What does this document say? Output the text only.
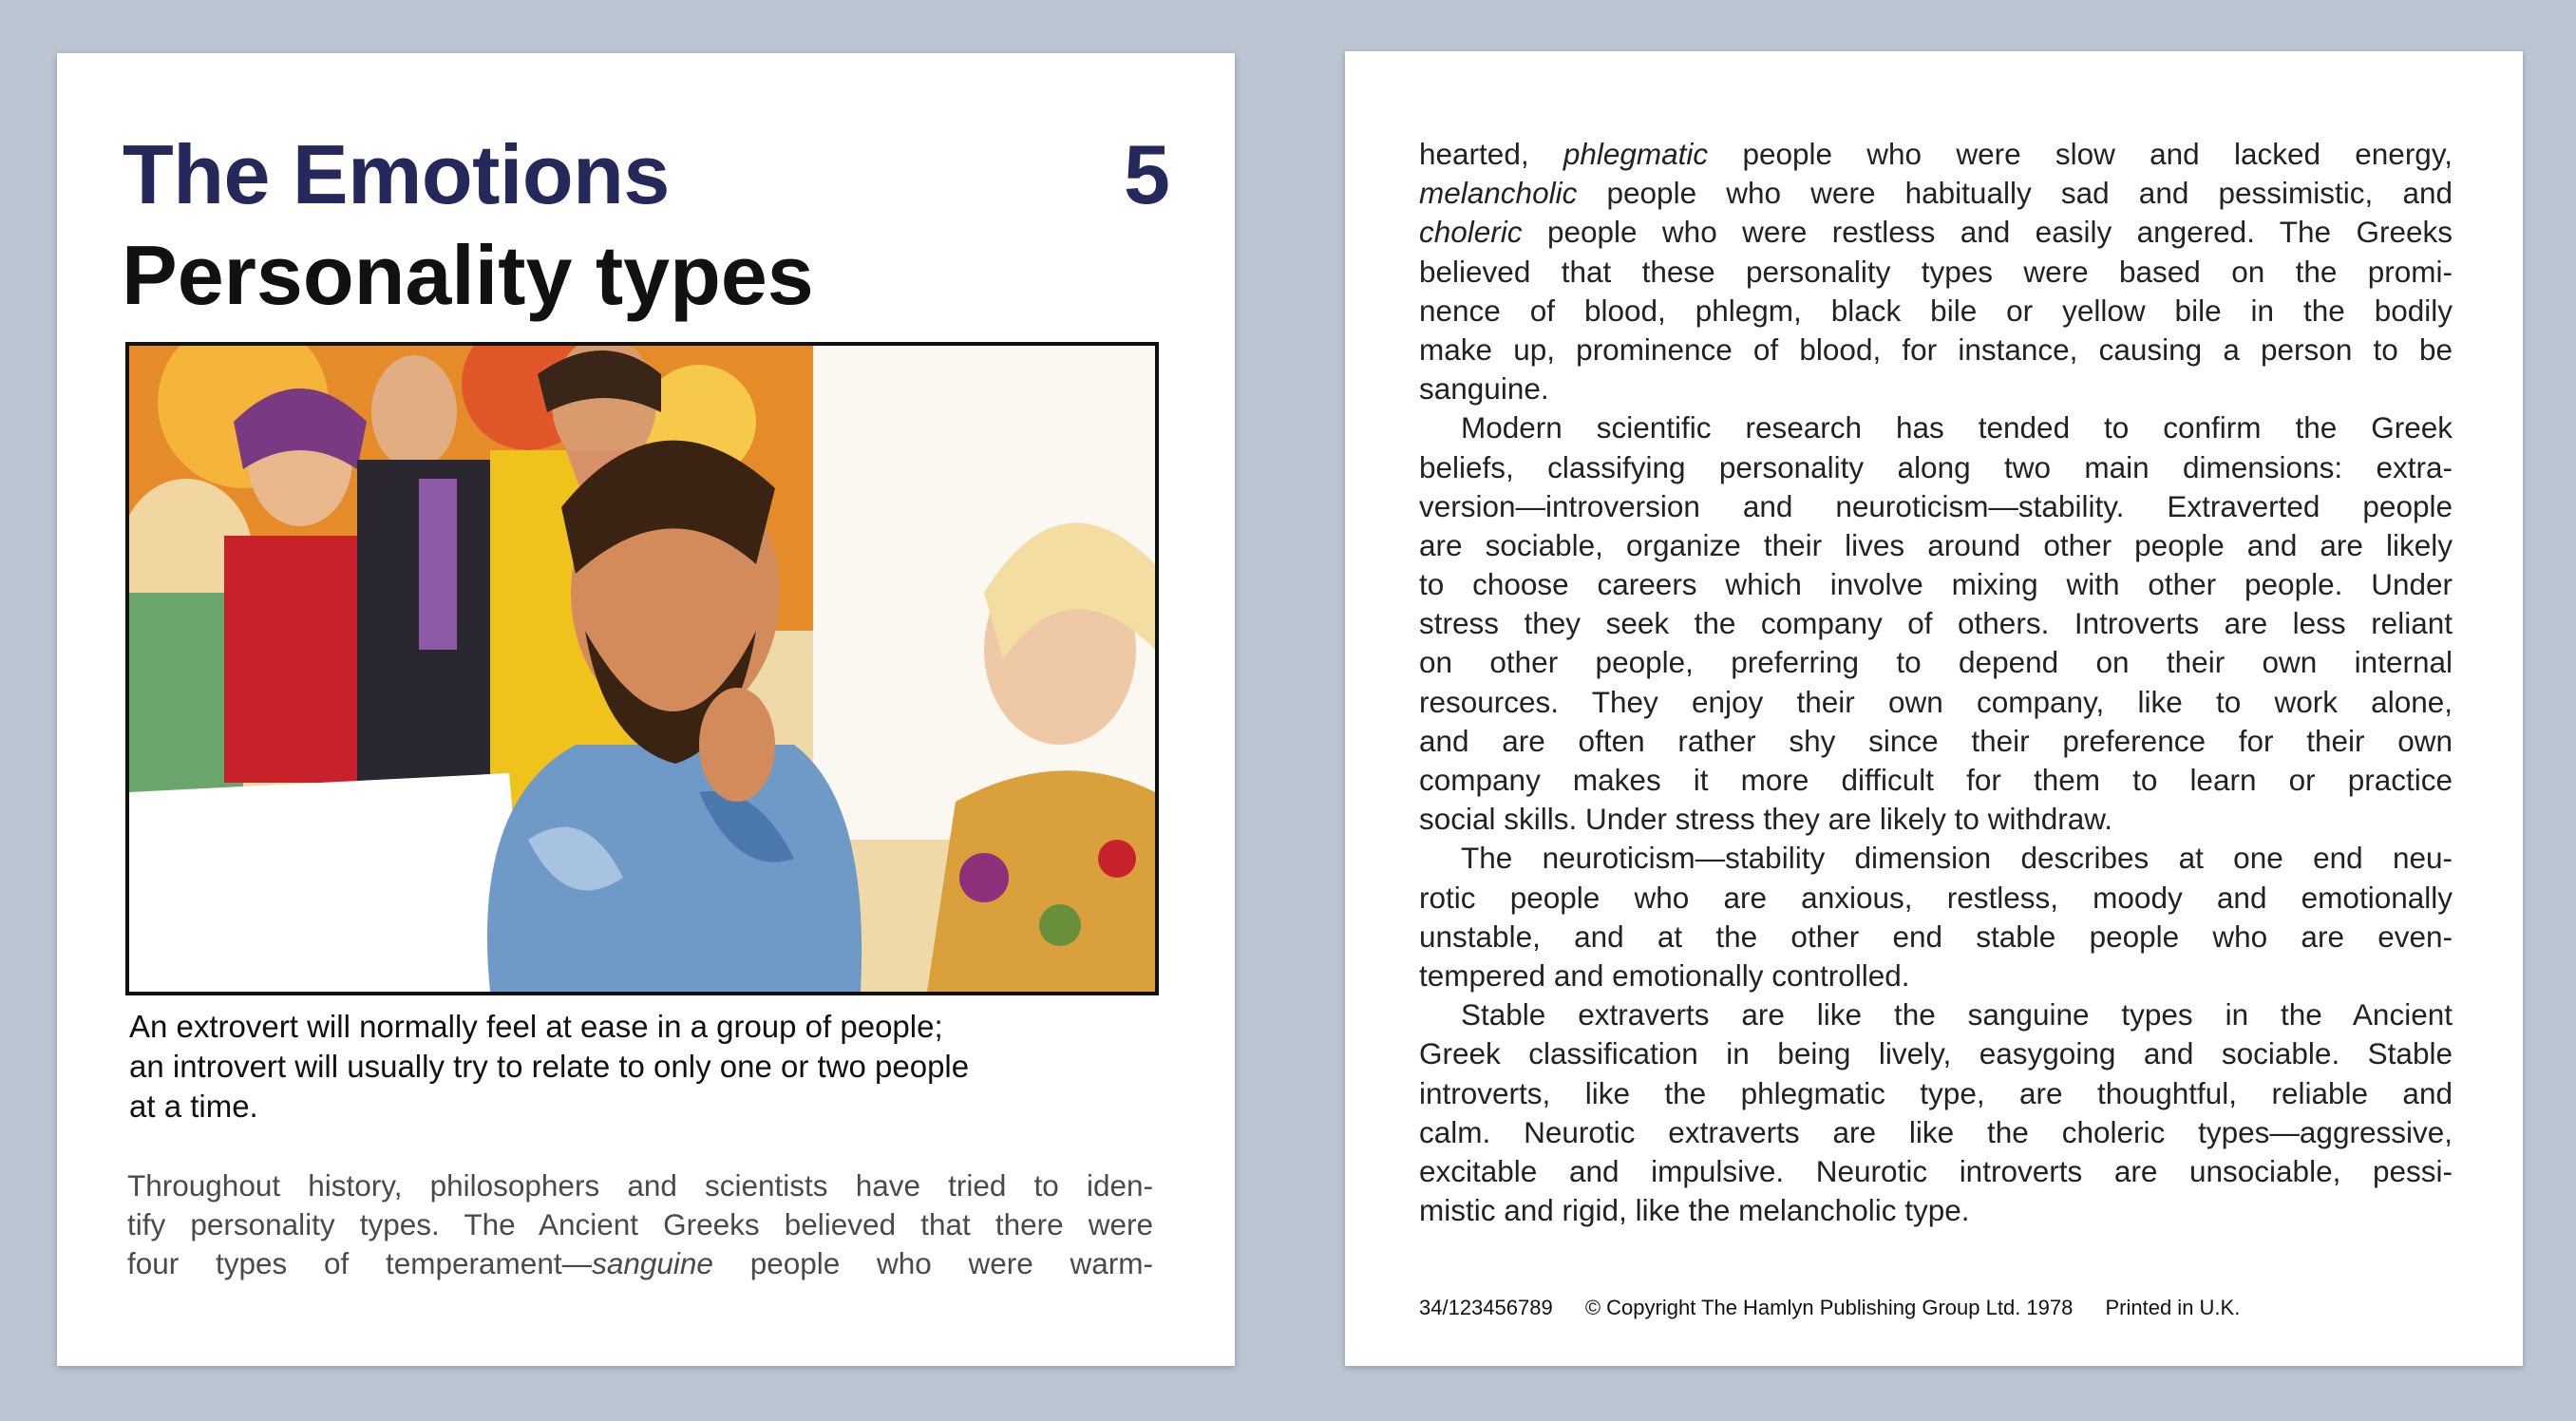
The Emotions	5
Personality types
An extrovert will normally feel at ease in a group of people;
an introvert will usually try to relate to only one or two people
at a time.
Throughout history, philosophers and scientists have tried to iden-
tify personality types. The Ancient Greeks believed that there were
four types of temperament—sanguine people who were warm-
hearted, phlegmatic people who were slow and lacked energy,
melancholic people who were habitually sad and pessimistic, and
choleric people who were restless and easily angered. The Greeks
believed that these personality types were based on the promi-
nence of blood, phlegm, black bile or yellow bile in the bodily
make up, prominence of blood, for instance, causing a person to be
sanguine.
Modern scientific research has tended to confirm the Greek
beliefs, classifying personality along two main dimensions: extra-
version—introversion and neuroticism—stability. Extraverted people
are sociable, organize their lives around other people and are likely
to choose careers which involve mixing with other people. Under
stress they seek the company of others. Introverts are less reliant
on other people, preferring to depend on their own internal
resources. They enjoy their own company, like to work alone,
and are often rather shy since their preference for their own
company makes it more difficult for them to learn or practice
social skills. Under stress they are likely to withdraw.
The neuroticism—stability dimension describes at one end neu-
rotic people who are anxious, restless, moody and emotionally
unstable, and at the other end stable people who are even-
tempered and emotionally controlled.
Stable extraverts are like the sanguine types in the Ancient
Greek classification in being lively, easygoing and sociable. Stable
introverts, like the phlegmatic type, are thoughtful, reliable and
calm. Neurotic extraverts are like the choleric types—aggressive,
excitable and impulsive. Neurotic introverts are unsociable, pessi-
mistic and rigid, like the melancholic type.
34/123456789 © Copyright The Hamlyn Publishing Group Ltd. 1978 Printed in U.K.
